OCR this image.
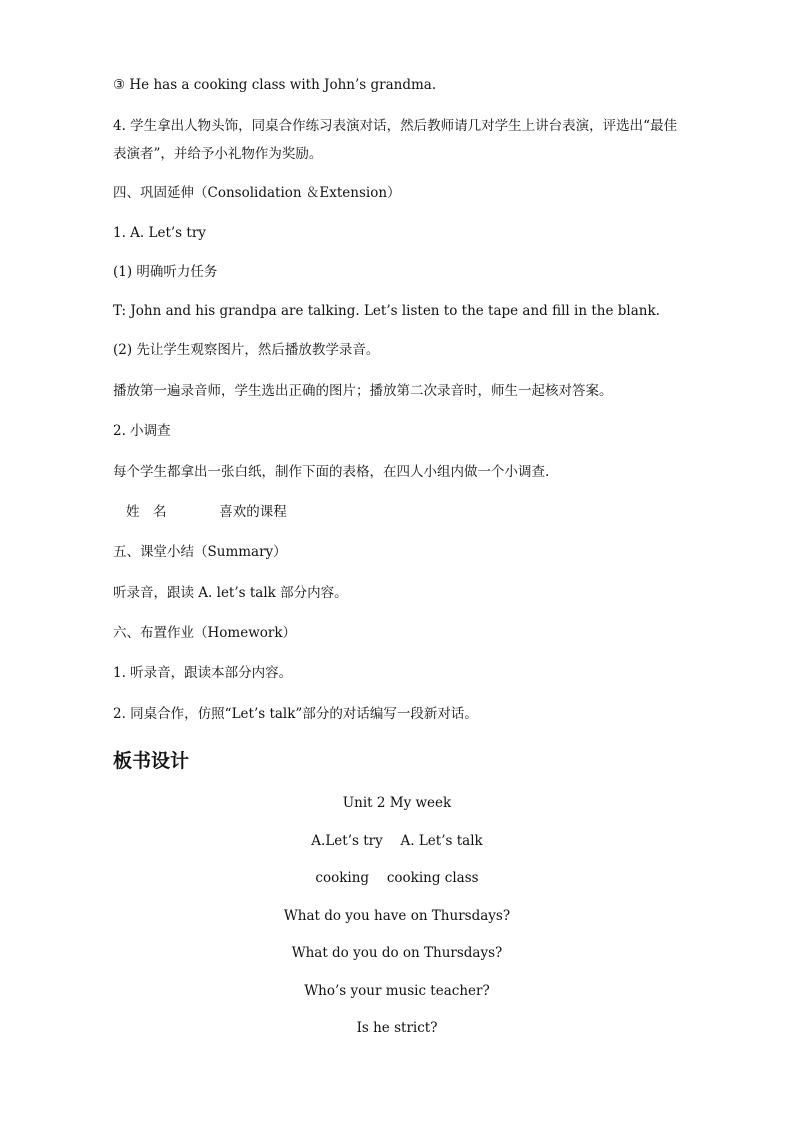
③ He has a cooking class with John’s grandma.
4. 学生拿出人物头饰，同桌合作练习表演对话，然后教师请几对学生上讲台表演，评选出“最佳表演者”，并给予小礼物作为奖励。
四、巩固延伸（Consolidation ＆Extension）
1. A. Let’s try
(1) 明确听力任务
T: John and his grandpa are talking. Let’s listen to the tape and fill in the blank.
(2) 先让学生观察图片，然后播放教学录音。
播放第一遍录音师，学生选出正确的图片；播放第二次录音时，师生一起核对答案。
2. 小调查
每个学生都拿出一张白纸，制作下面的表格，在四人小组内做一个小调查.
姓　名	喜欢的课程
五、课堂小结（Summary）
听录音，跟读 A. let’s talk 部分内容。
六、布置作业（Homework）
1. 听录音，跟读本部分内容。
2. 同桌合作，仿照“Let’s talk”部分的对话编写一段新对话。
板书设计
Unit 2 My week
A.Let’s try　 A. Let’s talk
cooking　 cooking class
What do you have on Thursdays?
What do you do on Thursdays?
Who’s your music teacher?
Is he strict?
